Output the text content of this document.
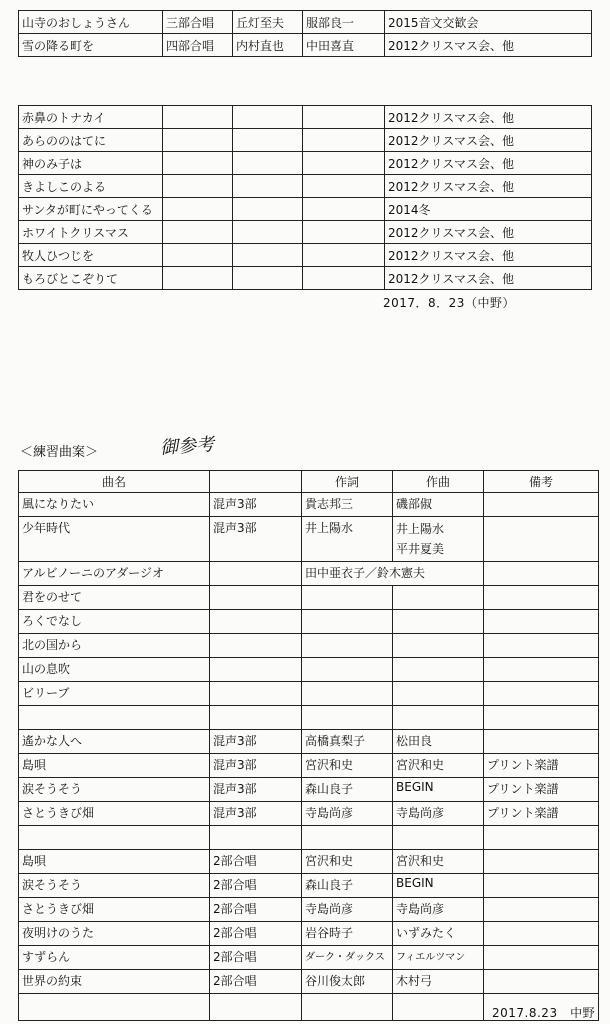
山寺のおしょうさん	三部合唱	丘灯至夫	服部良一	2015音文交歓会
雪の降る町を	四部合唱	内村直也	中田喜直	2012クリスマス会、他
赤鼻のトナカイ				2012クリスマス会、他
あらののはてに				2012クリスマス会、他
神のみ子は				2012クリスマス会、他
きよしこのよる				2012クリスマス会、他
サンタが町にやってくる				2014冬
ホワイトクリスマス				2012クリスマス会、他
牧人ひつじを				2012クリスマス会、他
もろびとこぞりて				2012クリスマス会、他
2017．8．23（中野）
＜練習曲案＞	御参考
曲名		作詞	作曲	備考
風になりたい	混声3部	貴志邦三	磯部俶	
少年時代	混声3部	井上陽水	井上陽水
平井夏美	

アルビノーニのアダージオ		田中亜衣子／鈴木憲夫		
君をのせて				
ろくでなし				
北の国から				
山の息吹				
ビリーブ				

遙かな人へ	混声3部	高橋真梨子	松田良	
島唄	混声3部	宮沢和史	宮沢和史	プリント楽譜
涙そうそう	混声3部	森山良子	BEGIN	プリント楽譜
さとうきび畑	混声3部	寺島尚彦	寺島尚彦	プリント楽譜

島唄	2部合唱	宮沢和史	宮沢和史	
涙そうそう	2部合唱	森山良子	BEGIN	
さとうきび畑	2部合唱	寺島尚彦	寺島尚彦	
夜明けのうた	2部合唱	岩谷時子	いずみたく	
すずらん	2部合唱	ダーク・ダックス	フィエルツマン	
世界の約束	2部合唱	谷川俊太郎	木村弓	

2017.8.23　中野
